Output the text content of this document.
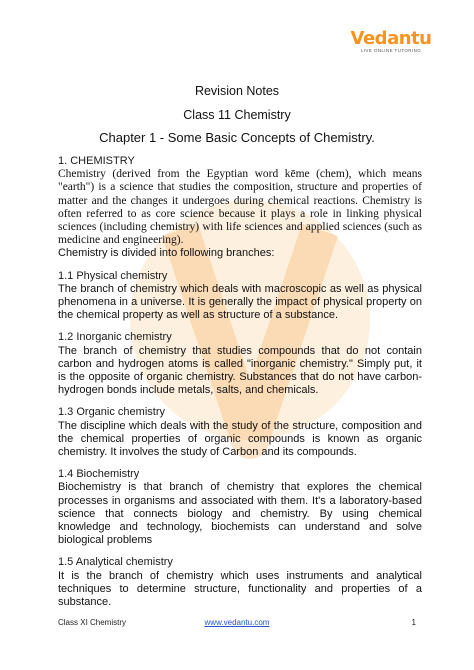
Vedantu
LIVE ONLINE TUTORING
Revision Notes
Class 11 Chemistry
Chapter 1 - Some Basic Concepts of Chemistry.
1. CHEMISTRY

Chemistry (derived from the Egyptian word kēme (chem), which means "earth") is a science that studies the composition, structure and properties of matter and the changes it undergoes during chemical reactions. Chemistry is often referred to as core science because it plays a role in linking physical sciences (including chemistry) with life sciences and applied sciences (such as medicine and engineering).

Chemistry is divided into following branches:

1.1 Physical chemistry

The branch of chemistry which deals with macroscopic as well as physical phenomena in a universe. It is generally the impact of physical property on the chemical property as well as structure of a substance.

1.2 Inorganic chemistry

The branch of chemistry that studies compounds that do not contain carbon and hydrogen atoms is called "inorganic chemistry." Simply put, it is the opposite of organic chemistry. Substances that do not have carbon-hydrogen bonds include metals, salts, and chemicals.

1.3 Organic chemistry

The discipline which deals with the study of the structure, composition and the chemical properties of organic compounds is known as organic chemistry. It involves the study of Carbon and its compounds.

1.4 Biochemistry

Biochemistry is that branch of chemistry that explores the chemical processes in organisms and associated with them. It's a laboratory-based science that connects biology and chemistry. By using chemical knowledge and technology, biochemists can understand and solve biological problems

1.5 Analytical chemistry

It is the branch of chemistry which uses instruments and analytical techniques to determine structure, functionality and properties of a substance.

Class XI Chemistry	www.vedantu.com	1
